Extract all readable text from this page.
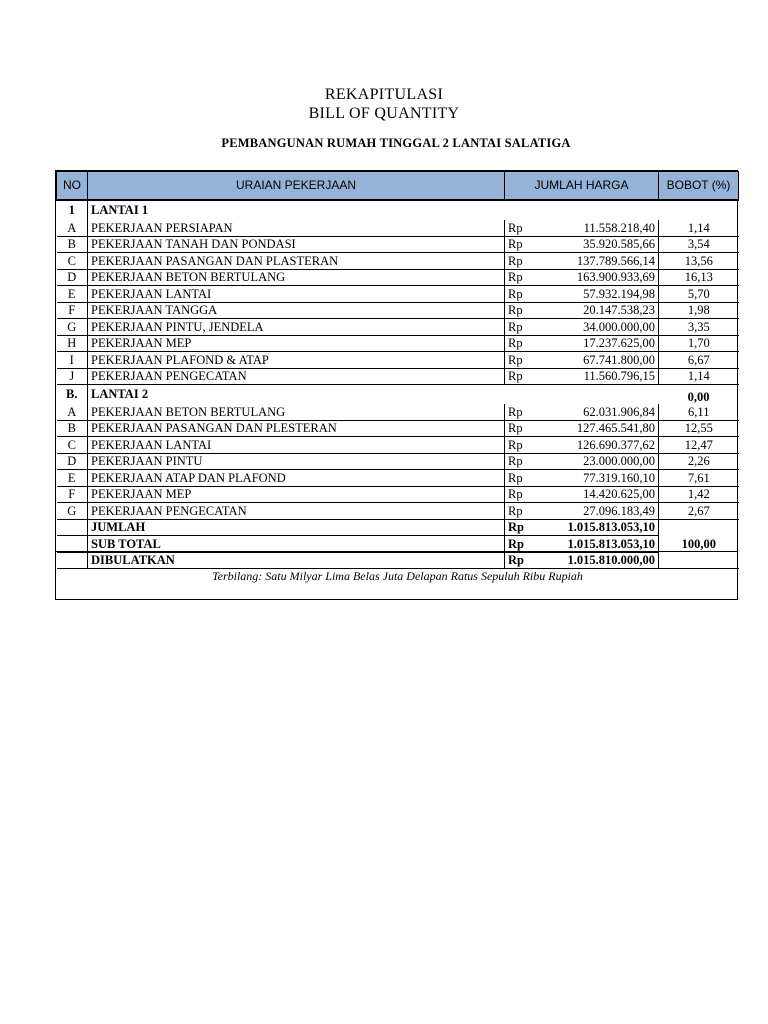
REKAPITULASI
BILL OF QUANTITY
PEMBANGUNAN RUMAH TINGGAL 2 LANTAI SALATIGA
NO	URAIAN PEKERJAAN	JUMLAH HARGA		BOBOT (%)
1	LANTAI 1			
A	PEKERJAAN PERSIAPAN	Rp	11.558.218,40	1,14
B	PEKERJAAN TANAH DAN PONDASI	Rp	35.920.585,66	3,54
C	PEKERJAAN PASANGAN DAN PLASTERAN	Rp	137.789.566,14	13,56
D	PEKERJAAN BETON BERTULANG	Rp	163.900.933,69	16,13
E	PEKERJAAN LANTAI	Rp	57.932.194,98	5,70
F	PEKERJAAN TANGGA	Rp	20.147.538,23	1,98
G	PEKERJAAN PINTU, JENDELA	Rp	34.000.000,00	3,35
H	PEKERJAAN MEP	Rp	17.237.625,00	1,70
I	PEKERJAAN PLAFOND & ATAP	Rp	67.741.800,00	6,67
J	PEKERJAAN PENGECATAN	Rp	11.560.796,15	1,14
B.	LANTAI 2			0,00
A	PEKERJAAN BETON BERTULANG	Rp	62.031.906,84	6,11
B	PEKERJAAN PASANGAN DAN PLESTERAN	Rp	127.465.541,80	12,55
C	PEKERJAAN LANTAI	Rp	126.690.377,62	12,47
D	PEKERJAAN PINTU	Rp	23.000.000,00	2,26
E	PEKERJAAN ATAP DAN PLAFOND	Rp	77.319.160,10	7,61
F	PEKERJAAN MEP	Rp	14.420.625,00	1,42
G	PEKERJAAN PENGECATAN	Rp	27.096.183,49	2,67
	JUMLAH	Rp	1.015.813.053,10	
	SUB TOTAL	Rp	1.015.813.053,10	100,00
	DIBULATKAN	Rp	1.015.810.000,00	
Terbilang: Satu Milyar Lima Belas Juta Delapan Ratus Sepuluh Ribu Rupiah
